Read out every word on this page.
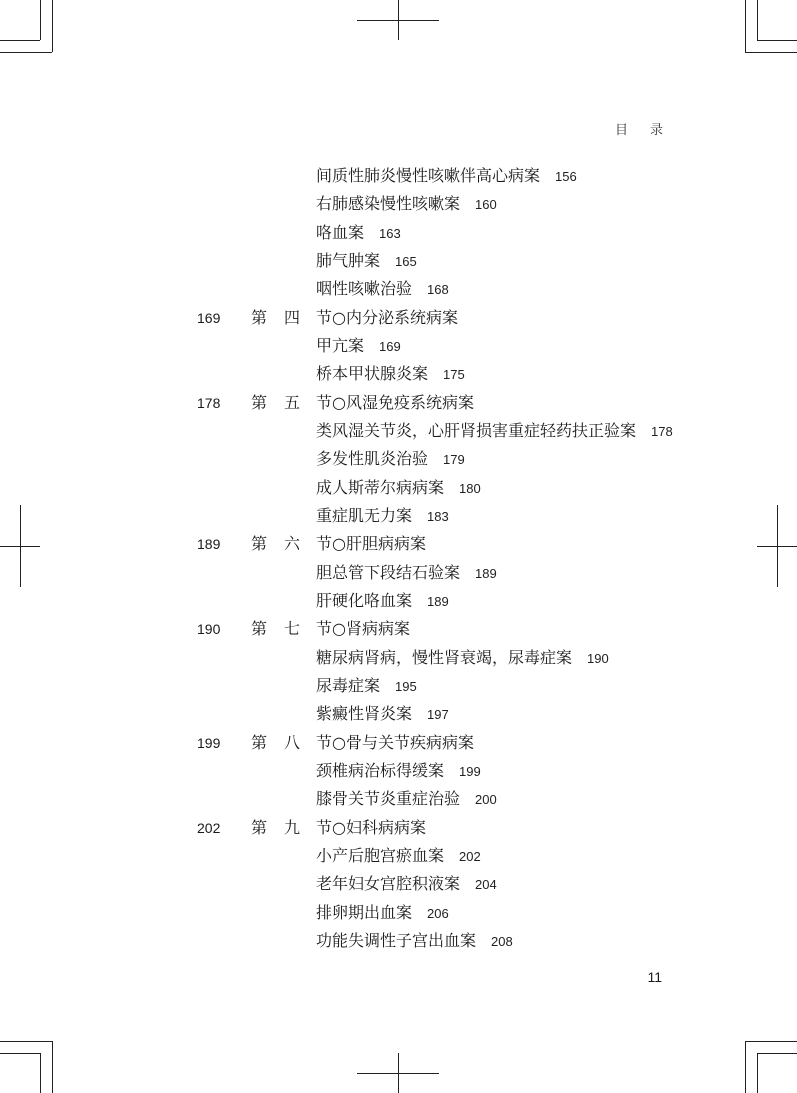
目 录
间质性肺炎慢性咳嗽伴高心病案 156
右肺感染慢性咳嗽案 160
咯血案 163
肺气肿案 165
咽性咳嗽治验 168
169 第 四 节○内分泌系统病案
甲亢案 169
桥本甲状腺炎案 175
178 第 五 节○风湿免疫系统病案
类风湿关节炎，心肝肾损害重症轻药扶正验案 178
多发性肌炎治验 179
成人斯蒂尔病病案 180
重症肌无力案 183
189 第 六 节○肝胆病病案
胆总管下段结石验案 189
肝硬化咯血案 189
190 第 七 节○肾病病案
糖尿病肾病，慢性肾衰竭，尿毒症案 190
尿毒症案 195
紫癜性肾炎案 197
199 第 八 节○骨与关节疾病病案
颈椎病治标得缓案 199
膝骨关节炎重症治验 200
202 第 九 节○妇科病病案
小产后胞宫瘀血案 202
老年妇女宫腔积液案 204
排卵期出血案 206
功能失调性子宫出血案 208
11
